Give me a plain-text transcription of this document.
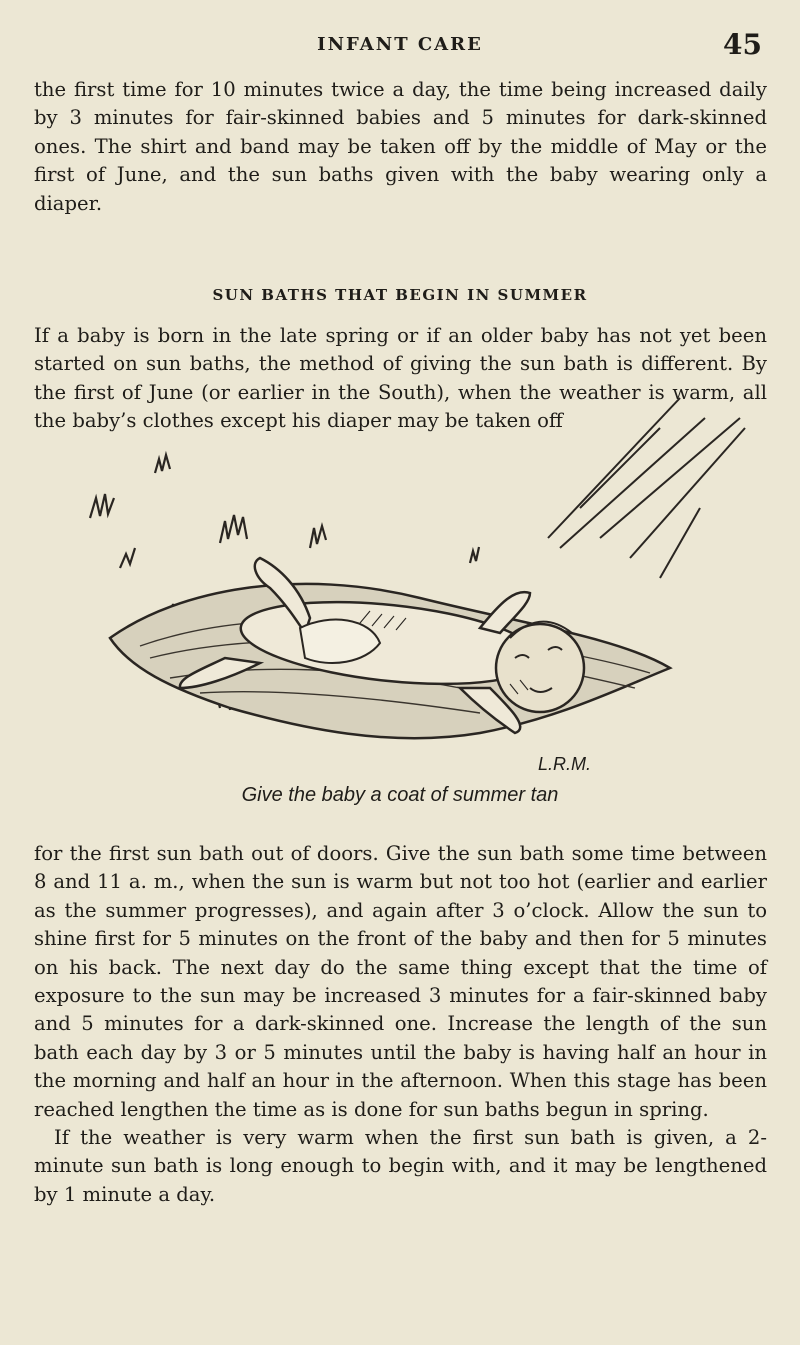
INFANT CARE	45

the first time for 10 minutes twice a day, the time being increased daily by 3 minutes for fair-skinned babies and 5 minutes for dark-skinned ones. The shirt and band may be taken off by the middle of May or the first of June, and the sun baths given with the baby wearing only a diaper.

SUN BATHS THAT BEGIN IN SUMMER

If a baby is born in the late spring or if an older baby has not yet been started on sun baths, the method of giving the sun bath is different. By the first of June (or earlier in the South), when the weather is warm, all the baby’s clothes except his diaper may be taken off

L.R.M.
Give the baby a coat of summer tan
for the first sun bath out of doors. Give the sun bath some time between 8 and 11 a. m., when the sun is warm but not too hot (earlier and earlier as the summer progresses), and again after 3 o’clock. Allow the sun to shine first for 5 minutes on the front of the baby and then for 5 minutes on his back. The next day do the same thing except that the time of exposure to the sun may be increased 3 minutes for a fair-skinned baby and 5 minutes for a dark-skinned one. Increase the length of the sun bath each day by 3 or 5 minutes until the baby is having half an hour in the morning and half an hour in the afternoon. When this stage has been reached lengthen the time as is done for sun baths begun in spring.
If the weather is very warm when the first sun bath is given, a 2-minute sun bath is long enough to begin with, and it may be lengthened by 1 minute a day.
